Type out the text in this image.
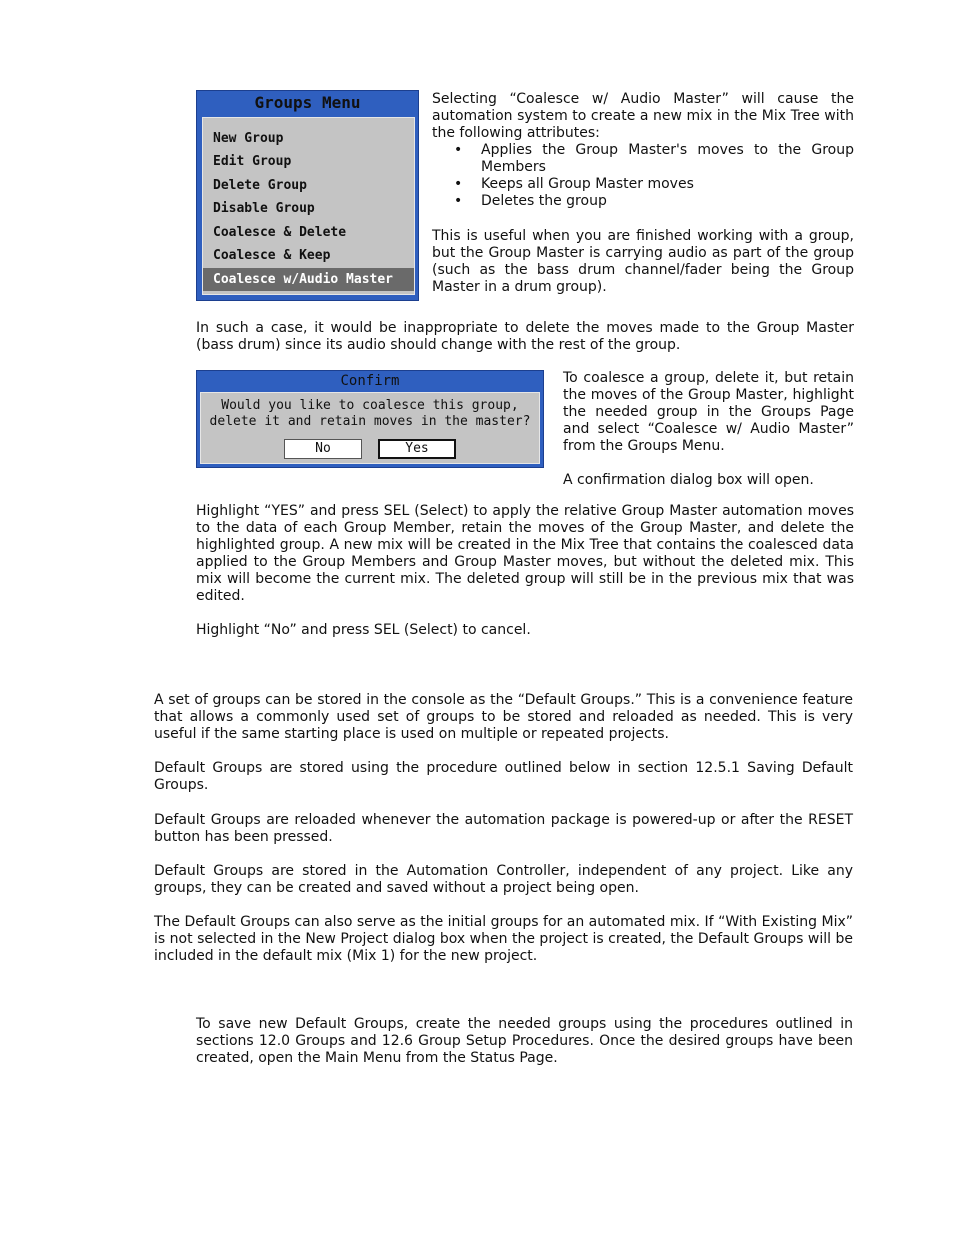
Groups Menu
New Group
Edit Group
Delete Group
Disable Group
Coalesce & Delete
Coalesce & Keep
Coalesce w/Audio Master

Selecting “Coalesce w/ Audio Master” will cause the automation system to create a new mix in the Mix Tree with the following attributes:

• Applies the Group Master's moves to the Group Members
• Keeps all Group Master moves
• Deletes the group

This is useful when you are finished working with a group, but the Group Master is carrying audio as part of the group (such as the bass drum channel/fader being the Group Master in a drum group).

In such a case, it would be inappropriate to delete the moves made to the Group Master (bass drum) since its audio should change with the rest of the group.

Confirm
Would you like to coalesce this group,
delete it and retain moves in the master?
No	Yes

To coalesce a group, delete it, but retain the moves of the Group Master, highlight the needed group in the Groups Page and select “Coalesce w/ Audio Master” from the Groups Menu.

A confirmation dialog box will open.

Highlight “YES” and press SEL (Select) to apply the relative Group Master automation moves to the data of each Group Member, retain the moves of the Group Master, and delete the highlighted group. A new mix will be created in the Mix Tree that contains the coalesced data applied to the Group Members and Group Master moves, but without the deleted mix. This mix will become the current mix. The deleted group will still be in the previous mix that was edited.

Highlight “No” and press SEL (Select) to cancel.

A set of groups can be stored in the console as the “Default Groups.” This is a convenience feature that allows a commonly used set of groups to be stored and reloaded as needed. This is very useful if the same starting place is used on multiple or repeated projects.

Default Groups are stored using the procedure outlined below in section 12.5.1 Saving Default Groups.

Default Groups are reloaded whenever the automation package is powered-up or after the RESET button has been pressed.

Default Groups are stored in the Automation Controller, independent of any project. Like any groups, they can be created and saved without a project being open.

The Default Groups can also serve as the initial groups for an automated mix. If “With Existing Mix” is not selected in the New Project dialog box when the project is created, the Default Groups will be included in the default mix (Mix 1) for the new project.

To save new Default Groups, create the needed groups using the procedures outlined in sections 12.0 Groups and 12.6 Group Setup Procedures. Once the desired groups have been created, open the Main Menu from the Status Page.
